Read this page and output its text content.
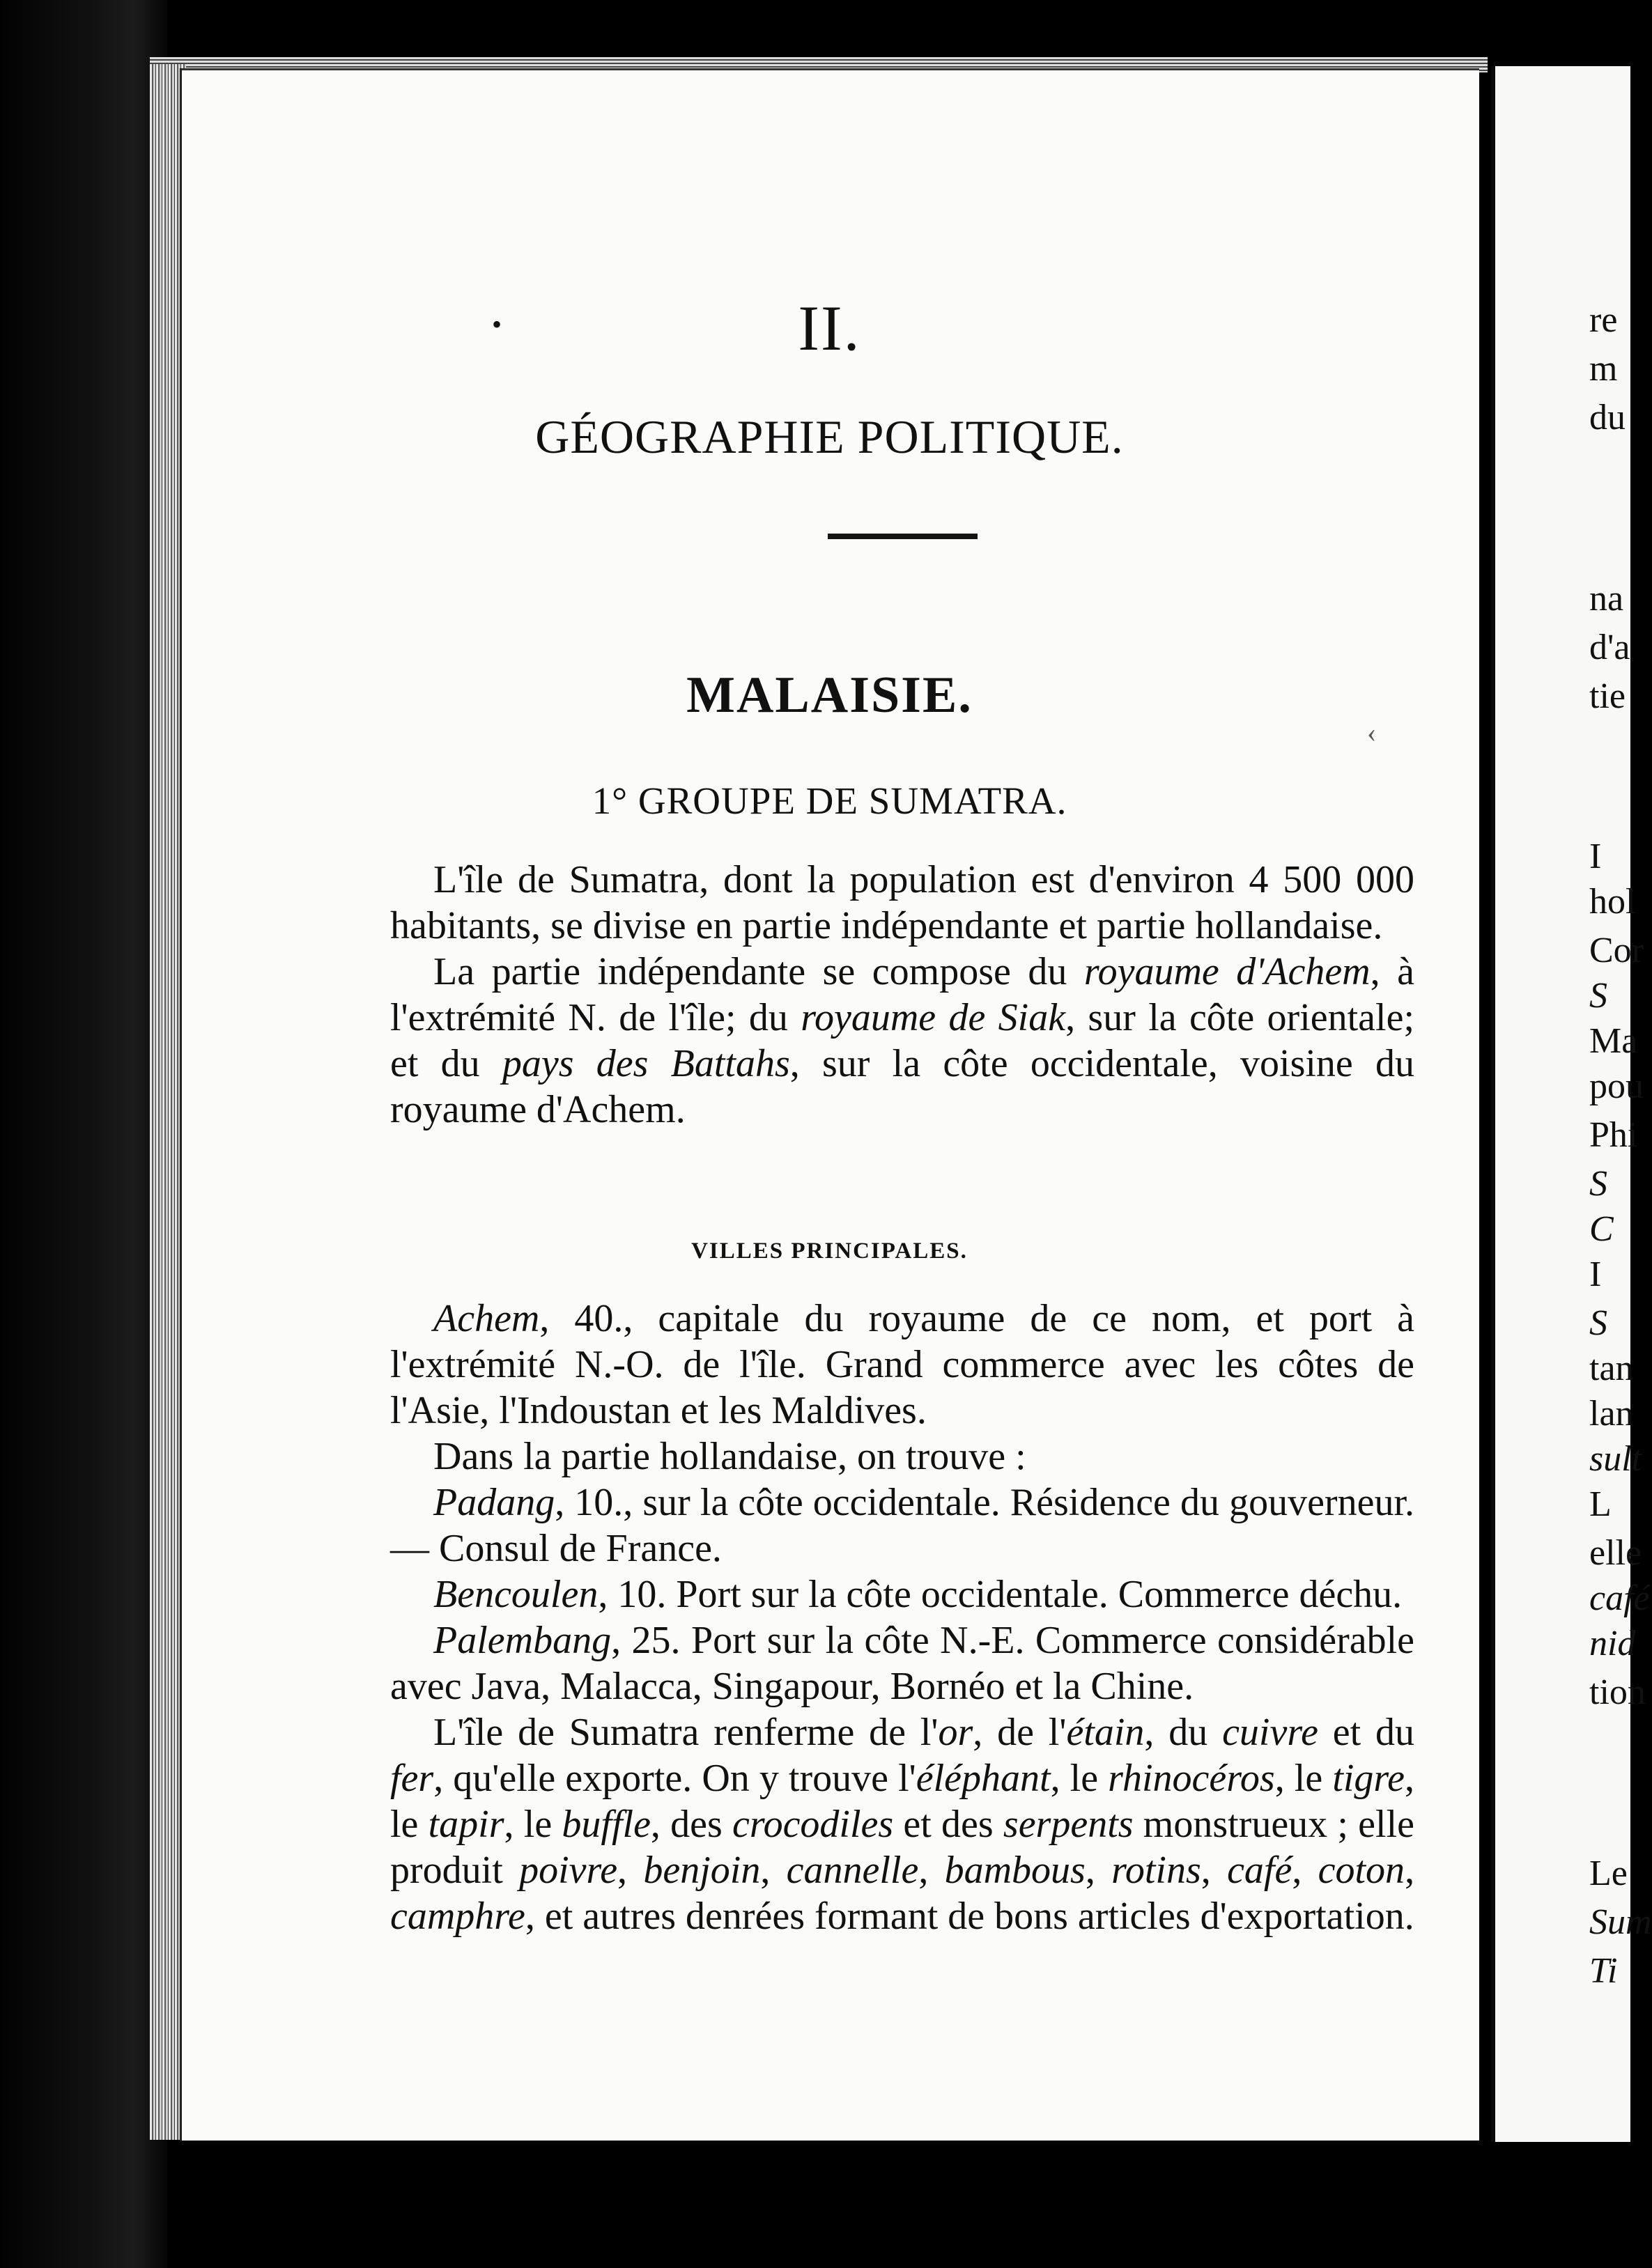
•	II.
GÉOGRAPHIE POLITIQUE.
MALAISIE.
1° GROUPE DE SUMATRA.
‹

L'île de Sumatra, dont la population est d'environ 4 500 000 habitants, se divise en partie indépendante et partie hollandaise.

La partie indépendante se compose du royaume d'Achem, à l'extrémité N. de l'île; du royaume de Siak, sur la côte orientale; et du pays des Battahs, sur la côte occidentale, voisine du royaume d'Achem.

VILLES PRINCIPALES.

Achem, 40., capitale du royaume de ce nom, et port à l'extrémité N.-O. de l'île. Grand commerce avec les côtes de l'Asie, l'Indoustan et les Maldives.

Dans la partie hollandaise, on trouve :

Padang, 10., sur la côte occidentale. Résidence du gouverneur. — Consul de France.

Bencoulen, 10. Port sur la côte occidentale. Commerce déchu.

Palembang, 25. Port sur la côte N.-E. Commerce considérable avec Java, Malacca, Singapour, Bornéo et la Chine.

L'île de Sumatra renferme de l'or, de l'étain, du cuivre et du fer, qu'elle exporte. On y trouve l'éléphant, le rhinocéros, le tigre, le tapir, le buffle, des crocodiles et des serpents monstrueux ; elle produit poivre, benjoin, cannelle, bambous, rotins, café, coton, camphre, et autres denrées formant de bons articles d'exportation.

re
m
du
na
d'a
tie
I
hol
Cor
S
Ma
pou
Phi
S
C
I
S
tan
lan
sult
L
elle
café
nid
tion
Le
Sum
Ti
